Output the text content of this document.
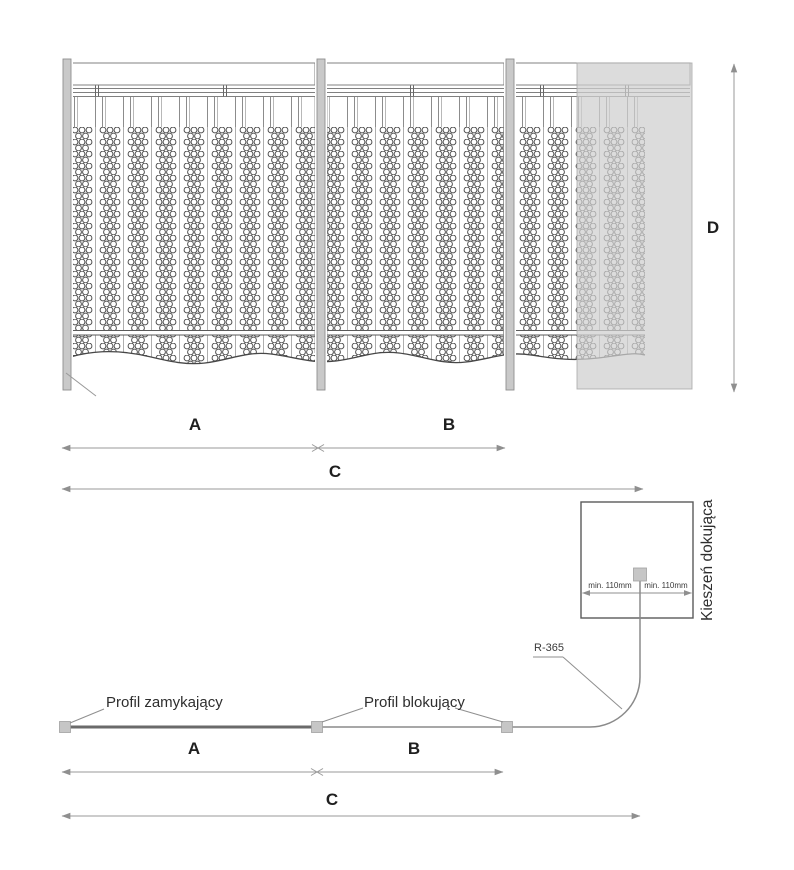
A	B
C
D
A	B
C
Profil zamykający	Profil blokujący
R-365
min. 110mm	min. 110mm Kieszeń dokująca
